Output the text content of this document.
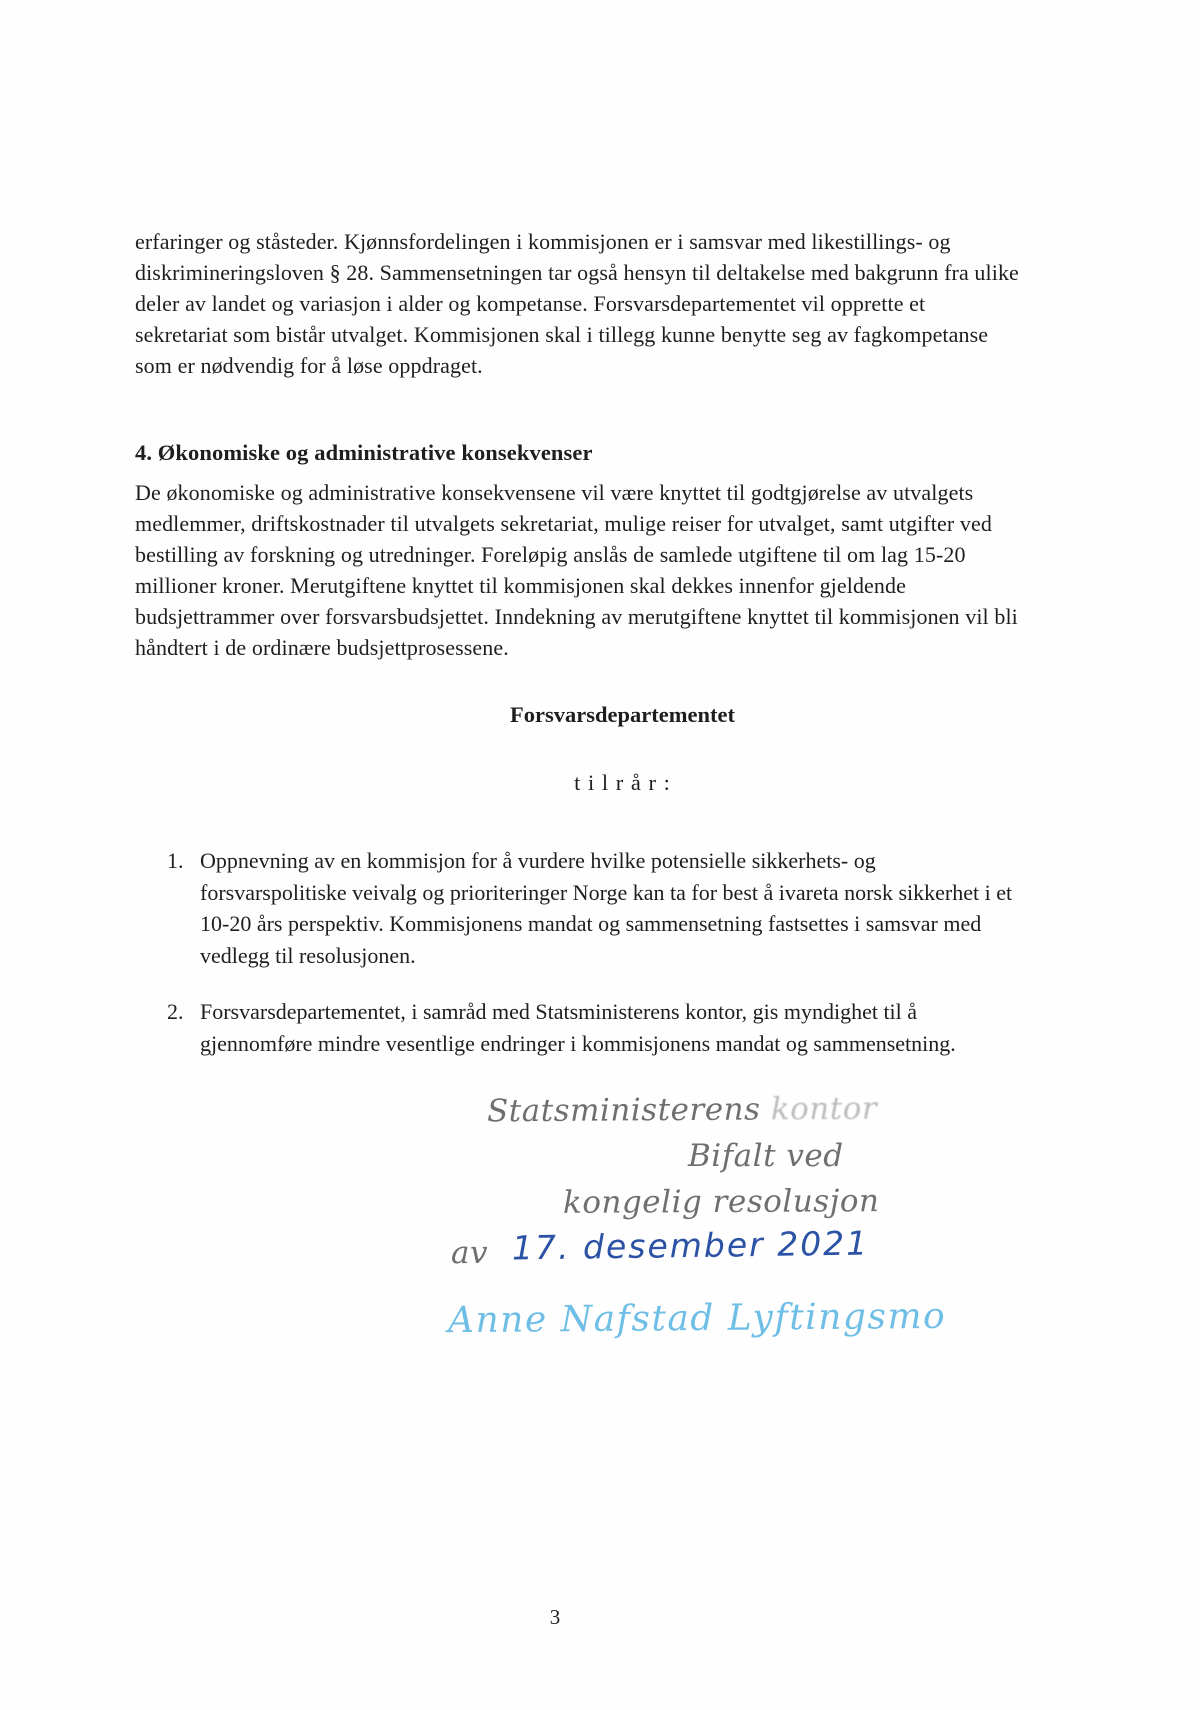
erfaringer og ståsteder. Kjønnsfordelingen i kommisjonen er i samsvar med likestillings- og diskrimineringsloven § 28. Sammensetningen tar også hensyn til deltakelse med bakgrunn fra ulike deler av landet og variasjon i alder og kompetanse. Forsvarsdepartementet vil opprette et sekretariat som bistår utvalget. Kommisjonen skal i tillegg kunne benytte seg av fagkompetanse som er nødvendig for å løse oppdraget.
4. Økonomiske og administrative konsekvenser
De økonomiske og administrative konsekvensene vil være knyttet til godtgjørelse av utvalgets medlemmer, driftskostnader til utvalgets sekretariat, mulige reiser for utvalget, samt utgifter ved bestilling av forskning og utredninger. Foreløpig anslås de samlede utgiftene til om lag 15-20 millioner kroner. Merutgiftene knyttet til kommisjonen skal dekkes innenfor gjeldende budsjettrammer over forsvarsbudsjettet. Inndekning av merutgiftene knyttet til kommisjonen vil bli håndtert i de ordinære budsjettprosessene.
Forsvarsdepartementet
t i l r å r :
1. Oppnevning av en kommisjon for å vurdere hvilke potensielle sikkerhets- og forsvarspolitiske veivalg og prioriteringer Norge kan ta for best å ivareta norsk sikkerhet i et 10-20 års perspektiv. Kommisjonens mandat og sammensetning fastsettes i samsvar med vedlegg til resolusjonen.
2. Forsvarsdepartementet, i samråd med Statsministerens kontor, gis myndighet til å gjennomføre mindre vesentlige endringer i kommisjonens mandat og sammensetning.
Statsministerens kontor
Bifalt ved
kongelig resolusjon
av 17. desember 2021
Anne Nafstad Lyftingsmo
3
